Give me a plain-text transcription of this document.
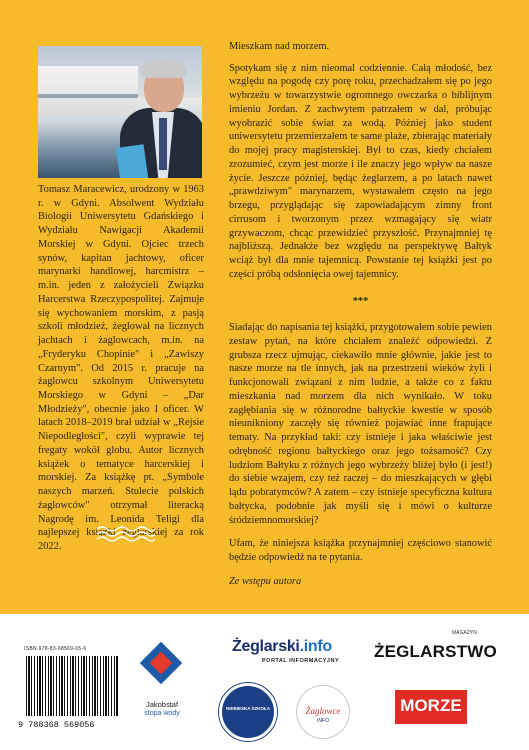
Tomasz Maracewicz, urodzony w 1963 r. w Gdyni. Absolwent Wydziału Biologii Uniwersytetu Gdańskiego i Wydziału Nawigacji Akademii Morskiej w Gdyni. Ojciec trzech synów, kapitan jachtowy, oficer marynarki handlowej, harcmistrz – m.in. jeden z założycieli Związku Harcerstwa Rzeczypospolitej. Zajmuje się wychowaniem morskim, z pasją szkoli młodzież, żeglował na licznych jachtach i żaglowcach, m.in. na „Fryderyku Chopinie" i „Zawiszy Czarnym". Od 2015 r. pracuje na żaglowcu szkolnym Uniwersytetu Morskiego w Gdyni – „Dar Młodzieży", obecnie jako I oficer. W latach 2018–2019 brał udział w „Rejsie Niepodległości", czyli wyprawie tej fregaty wokół globu. Autor licznych książek o tematyce harcerskiej i morskiej. Za książkę pt. „Symbole naszych marzeń. Stulecie polskich żaglowców" otrzymał literacką Nagrodę im. Leonida Teligi dla najlepszej książki żeglarskiej za rok 2022.

Mieszkam nad morzem.

Spotykam się z nim nieomal codziennie. Całą młodość, bez względu na pogodę czy porę roku, przechadzałem się po jego wybrzeżu w towarzystwie ogromnego owczarka o biblijnym imieniu Jordan. Z zachwytem patrzałem w dal, próbując wyobrazić sobie świat za wodą. Później jako student uniwersytetu przemierzałem te same plaże, zbierając materiały do mojej pracy magisterskiej. Był to czas, kiedy chciałem zrozumieć, czym jest morze i ile znaczy jego wpływ na nasze życie. Jeszcze później, będąc żeglarzem, a po latach nawet „prawdziwym" marynarzem, wystawałem często na jego brzegu, przyglądając się zapowiadającym zimny front cirrusom i tworzonym przez wzmagający się wiatr grzywaczom, chcąc przewidzieć przyszłość. Przynajmniej tę najbliższą. Jednakże bez względu na perspektywę Bałtyk wciąż był dla mnie tajemnicą. Powstanie tej książki jest po części próbą odsłonięcia owej tajemnicy.

***

Siadając do napisania tej książki, przygotowałem sobie pewien zestaw pytań, na które chciałem znaleźć odpowiedzi. Z grubsza rzecz ujmując, ciekawiło mnie głównie, jakie jest to nasze morze na tle innych, jak na przestrzeni wieków żyli i funkcjonowali związani z nim ludzie, a także co z faktu mieszkania nad morzem dla nich wynikało. W toku zagłębiania się w różnorodne bałtyckie kwestie w sposób nieunikniony zaczęły się również pojawiać inne frapujące tematy. Na przykład taki: czy istnieje i jaka właściwie jest odrębność regionu bałtyckiego oraz jego tożsamość? Czy ludziom Bałtyku z różnych jego wybrzeży bliżej było (i jest!) do siebie wzajem, czy też raczej – do mieszkających w głębi lądu pobratymców? A zatem – czy istnieje specyficzna kultura bałtycka, podobnie jak myśli się i mówi o kulturze śródziemnomorskiej?

Ufam, że niniejsza książka przynajmniej częściowo stanowić będzie odpowiedź na te pytania.

Ze wstępu autora

ISBN 978-83-68569-05-6
9 788368 569056
Jakobstaf
stopa wody
Żeglarski.info
PORTAL INFORMACYJNY
MAGAZYN
ŻEGLARSTWO
NIEBIESKA SZKOŁA	Żaglowce
INFO
MORZE
